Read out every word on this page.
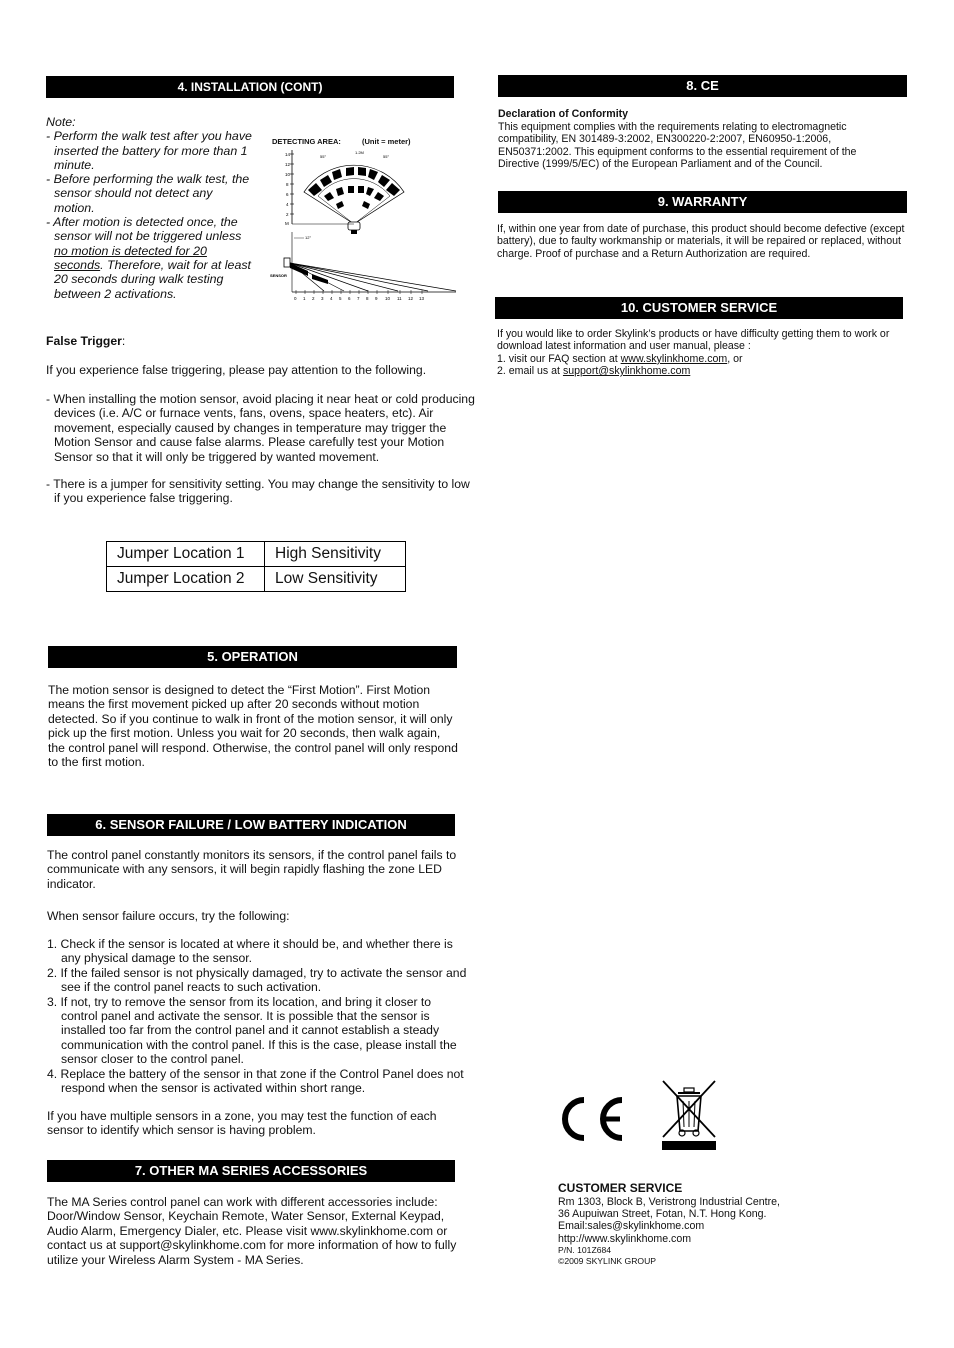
4. INSTALLATION (CONT)

Note:

- Perform the walk test after you have inserted the battery for more than 1 minute.

- Before performing the walk test, the sensor should not detect any motion.

- After motion is detected once, the sensor will not be triggered unless no motion is detected for 20 seconds. Therefore, wait for at least 20 seconds during walk testing between 2 activations.

DETECTING AREA:	(Unit = meter)
14
12
10
8
6
4
2
M
55°	55°
1.2M
12°
SENSOR
0 1 2 3 4 5 6 7 8 9 10 11 12 13
False Trigger:
If you experience false triggering, please pay attention to the following.
- When installing the motion sensor, avoid placing it near heat or cold producing devices (i.e. A/C or furnace vents, fans, ovens, space heaters, etc). Air movement, especially caused by changes in temperature may trigger the Motion Sensor and cause false alarms. Please carefully test your Motion Sensor so that it will only be triggered by wanted movement.
- There is a jumper for sensitivity setting. You may change the sensitivity to low if you experience false triggering.
Jumper Location 1	High Sensitivity
Jumper Location 2	Low Sensitivity
5. OPERATION
The motion sensor is designed to detect the “First Motion”. First Motion means the first movement picked up after 20 seconds without motion detected. So if you continue to walk in front of the motion sensor, it will only pick up the first motion. Unless you wait for 20 seconds, then walk again, the control panel will respond. Otherwise, the control panel will only respond to the first motion.
6. SENSOR FAILURE / LOW BATTERY INDICATION
The control panel constantly monitors its sensors, if the control panel fails to communicate with any sensors, it will begin rapidly flashing the zone LED indicator.
When sensor failure occurs, try the following:

1. Check if the sensor is located at where it should be, and whether there is any physical damage to the sensor.

2. If the failed sensor is not physically damaged, try to activate the sensor and see if the control panel reacts to such activation.

3. If not, try to remove the sensor from its location, and bring it closer to control panel and activate the sensor. It is possible that the sensor is installed too far from the control panel and it cannot establish a steady communication with the control panel. If this is the case, please install the sensor closer to the control panel.

4. Replace the battery of the sensor in that zone if the Control Panel does not respond when the sensor is activated within short range.

If you have multiple sensors in a zone, you may test the function of each sensor to identify which sensor is having problem.
7. OTHER MA SERIES ACCESSORIES
The MA Series control panel can work with different accessories include: Door/Window Sensor, Keychain Remote, Water Sensor, External Keypad, Audio Alarm, Emergency Dialer, etc. Please visit www.skylinkhome.com or contact us at support@skylinkhome.com for more information of how to fully utilize your Wireless Alarm System - MA Series.
8. CE
Declaration of Conformity
This equipment complies with the requirements relating to electromagnetic compatibility, EN 301489-3:2002, EN300220-2:2007, EN60950-1:2006, EN50371:2002. This equipment conforms to the essential requirement of the Directive (1999/5/EC) of the European Parliament and of the Council.
9. WARRANTY
If, within one year from date of purchase, this product should become defective (except battery), due to faulty workmanship or materials, it will be repaired or replaced, without charge. Proof of purchase and a Return Authorization are required.
10. CUSTOMER SERVICE

If you would like to order Skylink’s products or have difficulty getting them to work or download latest information and user manual, please :

1. visit our FAQ section at www.skylinkhome.com, or

2. email us at support@skylinkhome.com

CUSTOMER SERVICE

Rm 1303, Block B, Veristrong Industrial Centre,

36 Aupuiwan Street, Fotan, N.T. Hong Kong.

Email:sales@skylinkhome.com

http://www.skylinkhome.com

P/N. 101Z684

©2009 SKYLINK GROUP
